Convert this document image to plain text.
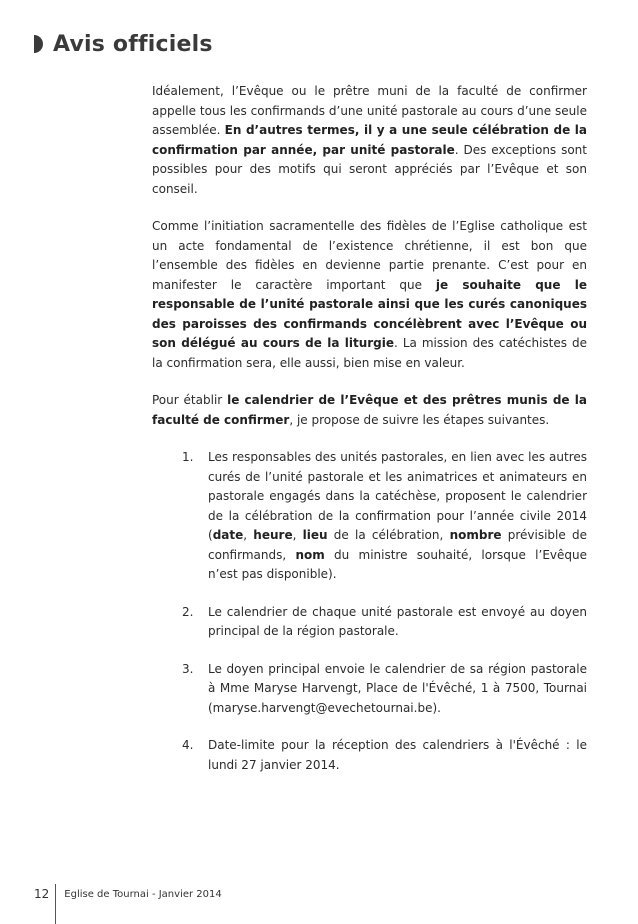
Avis officiels

Idéalement, l’Evêque ou le prêtre muni de la faculté de confirmer appelle tous les confirmands d’une unité pastorale au cours d’une seule assemblée. En d’autres termes, il y a une seule célébration de la confirmation par année, par unité pastorale. Des exceptions sont possibles pour des motifs qui seront appréciés par l’Evêque et son conseil.

Comme l’initiation sacramentelle des fidèles de l’Eglise catholique est un acte fondamental de l’existence chrétienne, il est bon que l’ensemble des fidèles en devienne partie prenante. C’est pour en manifester le caractère important que je souhaite que le responsable de l’unité pastorale ainsi que les curés canoniques des paroisses des confirmands concélèbrent avec l’Evêque ou son délégué au cours de la liturgie. La mission des catéchistes de la confirmation sera, elle aussi, bien mise en valeur.

Pour établir le calendrier de l’Evêque et des prêtres munis de la faculté de confirmer, je propose de suivre les étapes suivantes.

1.	Les responsables des unités pastorales, en lien avec les autres curés de l’unité pastorale et les animatrices et animateurs en pastorale engagés dans la catéchèse, proposent le calendrier de la célébration de la confirmation pour l’année civile 2014 (date, heure, lieu de la célébration, nombre prévisible de confirmands, nom du ministre souhaité, lorsque l’Evêque n’est pas disponible).
2.	Le calendrier de chaque unité pastorale est envoyé au doyen principal de la région pastorale.
3.	Le doyen principal envoie le calendrier de sa région pastorale à Mme Maryse Harvengt, Place de l'Évêché, 1 à 7500, Tournai (maryse.harvengt@evechetournai.be).
4.	Date-limite pour la réception des calendriers à l'Évêché : le lundi 27 janvier 2014.
12	Eglise de Tournai - Janvier 2014
